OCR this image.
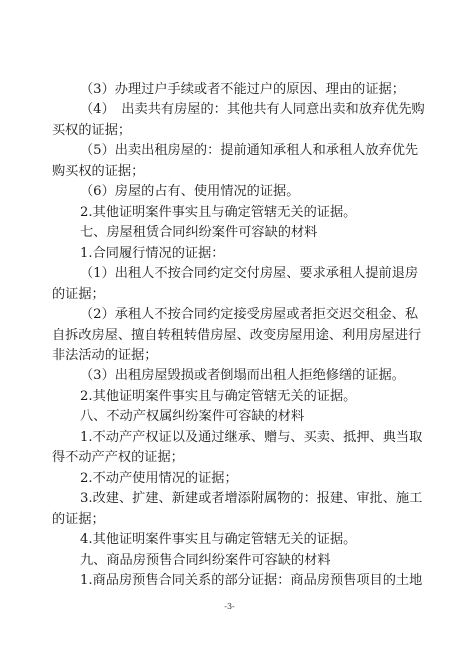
（3）办理过户手续或者不能过户的原因、理由的证据；
（4）　出卖共有房屋的：其他共有人同意出卖和放弃优先购
买权的证据；
（5）出卖出租房屋的：提前通知承租人和承租人放弃优先
购买权的证据；
（6）房屋的占有、使用情况的证据。
2.其他证明案件事实且与确定管辖无关的证据。
七、房屋租赁合同纠纷案件可容缺的材料
1.合同履行情况的证据：
（1）出租人不按合同约定交付房屋、要求承租人提前退房
的证据；
（2）承租人不按合同约定接受房屋或者拒交迟交租金、私
自拆改房屋、擅自转租转借房屋、改变房屋用途、利用房屋进行
非法活动的证据；
（3）出租房屋毁损或者倒塌而出租人拒绝修缮的证据。
2.其他证明案件事实且与确定管辖无关的证据。
八、不动产权属纠纷案件可容缺的材料
1.不动产产权证以及通过继承、赠与、买卖、抵押、典当取
得不动产产权的证据；
2.不动产使用情况的证据；
3.改建、扩建、新建或者增添附属物的：报建、审批、施工
的证据；
4.其他证明案件事实且与确定管辖无关的证据。
九、商品房预售合同纠纷案件可容缺的材料
1.商品房预售合同关系的部分证据：商品房预售项目的土地
-3-
